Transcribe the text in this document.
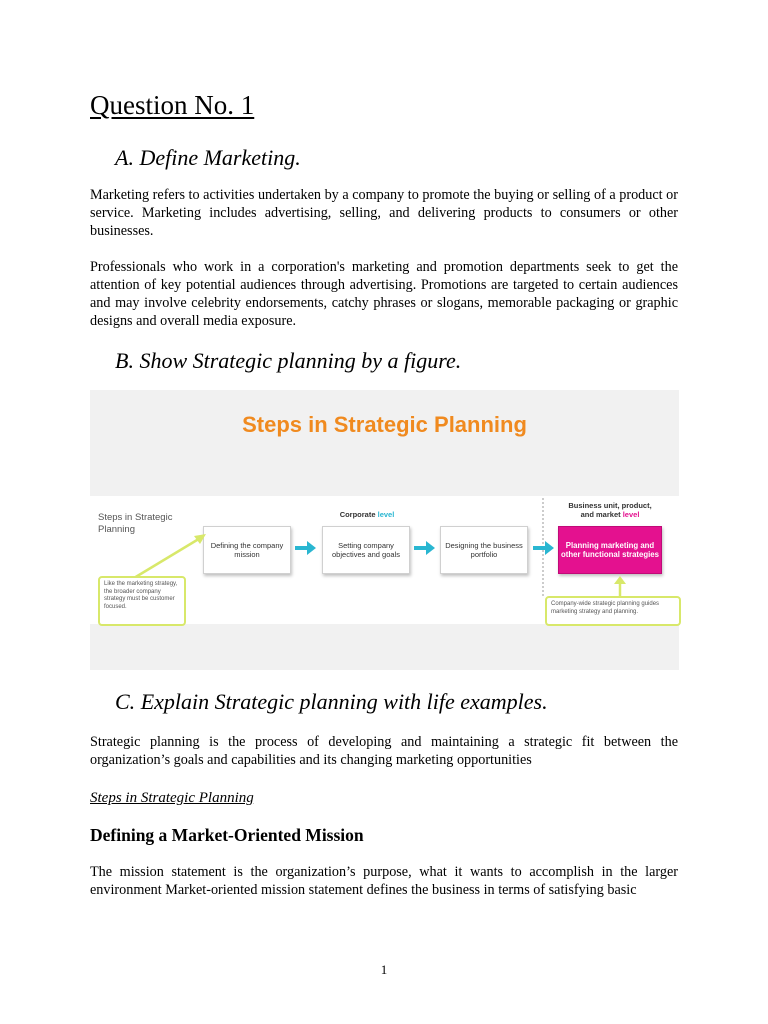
Question No. 1
A. Define Marketing.

Marketing refers to activities undertaken by a company to promote the buying or selling of a product or service. Marketing includes advertising, selling, and delivering products to consumers or other businesses.

Professionals who work in a corporation's marketing and promotion departments seek to get the attention of key potential audiences through advertising. Promotions are targeted to certain audiences and may involve celebrity endorsements, catchy phrases or slogans, memorable packaging or graphic designs and overall media exposure.

B. Show Strategic planning by a figure.
Steps in Strategic Planning
Steps in Strategic Planning
Corporate level
Business unit, product,
and market level
Defining the company mission
Setting company objectives and goals
Designing the business portfolio
Planning marketing and other functional strategies
Like the marketing strategy, the broader company strategy must be customer focused.	Company-wide strategic planning guides marketing strategy and planning.
C. Explain Strategic planning with life examples.

Strategic planning is the process of developing and maintaining a strategic fit between the organization’s goals and capabilities and its changing marketing opportunities

Steps in Strategic Planning

Defining a Market-Oriented Mission

The mission statement is the organization’s purpose, what it wants to accomplish in the larger environment Market-oriented mission statement defines the business in terms of satisfying basic

1
